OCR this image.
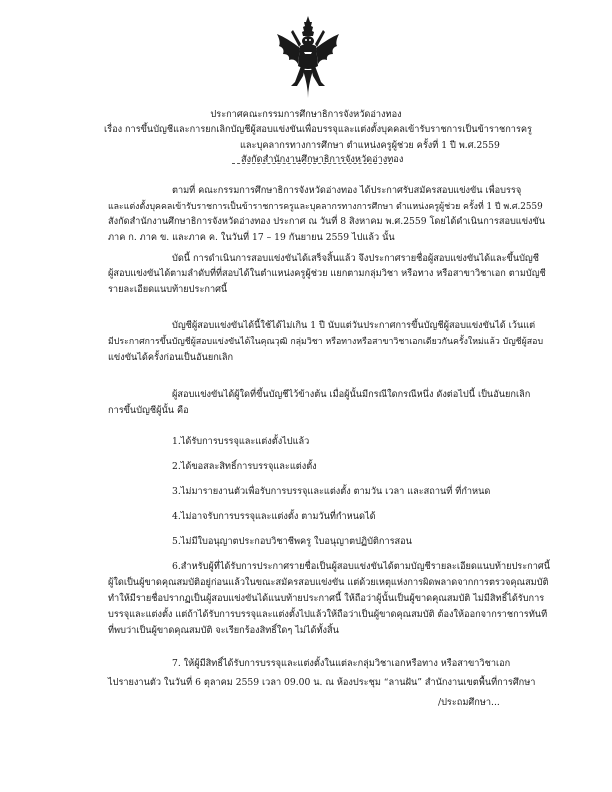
ประกาศคณะกรรมการศึกษาธิการจังหวัดอ่างทอง
เรื่อง การขึ้นบัญชีและการยกเลิกบัญชีผู้สอบแข่งขันเพื่อบรรจุและแต่งตั้งบุคคลเข้ารับราชการเป็นข้าราชการครู
และบุคลากรทางการศึกษา ตำแหน่งครูผู้ช่วย ครั้งที่ 1 ปี พ.ศ.2559
สังกัดสำนักงานศึกษาธิการจังหวัดอ่างทอง
ตามที่ คณะกรรมการศึกษาธิการจังหวัดอ่างทอง ได้ประกาศรับสมัครสอบแข่งขัน เพื่อบรรจุ
และแต่งตั้งบุคคลเข้ารับราชการเป็นข้าราชการครูและบุคลากรทางการศึกษา ตำแหน่งครูผู้ช่วย ครั้งที่ 1 ปี พ.ศ.2559
สังกัดสำนักงานศึกษาธิการจังหวัดอ่างทอง ประกาศ ณ วันที่ 8 สิงหาคม พ.ศ.2559 โดยได้ดำเนินการสอบแข่งขัน
ภาค ก. ภาค ข. และภาค ค. ในวันที่ 17 – 19 กันยายน 2559 ไปแล้ว นั้น
บัดนี้ การดำเนินการสอบแข่งขันได้เสร็จสิ้นแล้ว จึงประกาศรายชื่อผู้สอบแข่งขันได้และขึ้นบัญชี
ผู้สอบแข่งขันได้ตามลำดับที่ที่สอบได้ในตำแหน่งครูผู้ช่วย แยกตามกลุ่มวิชา หรือทาง หรือสาขาวิชาเอก ตามบัญชี
รายละเอียดแนบท้ายประกาศนี้
บัญชีผู้สอบแข่งขันได้นี้ใช้ได้ไม่เกิน 1 ปี นับแต่วันประกาศการขึ้นบัญชีผู้สอบแข่งขันได้ เว้นแต่
มีประกาศการขึ้นบัญชีผู้สอบแข่งขันได้ในคุณวุฒิ กลุ่มวิชา หรือทางหรือสาขาวิชาเอกเดียวกันครั้งใหม่แล้ว บัญชีผู้สอบ
แข่งขันได้ครั้งก่อนเป็นอันยกเลิก
ผู้สอบแข่งขันได้ผู้ใดที่ขึ้นบัญชีไว้ข้างต้น เมื่อผู้นั้นมีกรณีใดกรณีหนึ่ง ดังต่อไปนี้ เป็นอันยกเลิก
การขึ้นบัญชีผู้นั้น คือ
1.ได้รับการบรรจุและแต่งตั้งไปแล้ว
2.ได้ขอสละสิทธิ์การบรรจุและแต่งตั้ง
3.ไม่มารายงานตัวเพื่อรับการบรรจุและแต่งตั้ง ตามวัน เวลา และสถานที่ ที่กำหนด
4.ไม่อาจรับการบรรจุและแต่งตั้ง ตามวันที่กำหนดได้
5.ไม่มีใบอนุญาตประกอบวิชาชีพครู ใบอนุญาตปฏิบัติการสอน
6.สำหรับผู้ที่ได้รับการประกาศรายชื่อเป็นผู้สอบแข่งขันได้ตามบัญชีรายละเอียดแนบท้ายประกาศนี้
ผู้ใดเป็นผู้ขาดคุณสมบัติอยู่ก่อนแล้วในขณะสมัครสอบแข่งขัน แต่ด้วยเหตุแห่งการผิดพลาดจากการตรวจคุณสมบัติ
ทำให้มีรายชื่อปรากฏเป็นผู้สอบแข่งขันได้แนบท้ายประกาศนี้ ให้ถือว่าผู้นั้นเป็นผู้ขาดคุณสมบัติ ไม่มีสิทธิ์ได้รับการ
บรรจุและแต่งตั้ง แต่ถ้าได้รับการบรรจุและแต่งตั้งไปแล้วให้ถือว่าเป็นผู้ขาดคุณสมบัติ ต้องให้ออกจากราชการทันที
ที่พบว่าเป็นผู้ขาดคุณสมบัติ จะเรียกร้องสิทธิ์ใดๆ ไม่ได้ทั้งสิ้น
7. ให้ผู้มีสิทธิ์ได้รับการบรรจุและแต่งตั้งในแต่ละกลุ่มวิชาเอกหรือทาง หรือสาขาวิชาเอก
ไปรายงานตัว ในวันที่ 6 ตุลาคม 2559 เวลา 09.00 น. ณ ห้องประชุม “ลานฝัน” สำนักงานเขตพื้นที่การศึกษา
/ประถมศึกษา...
